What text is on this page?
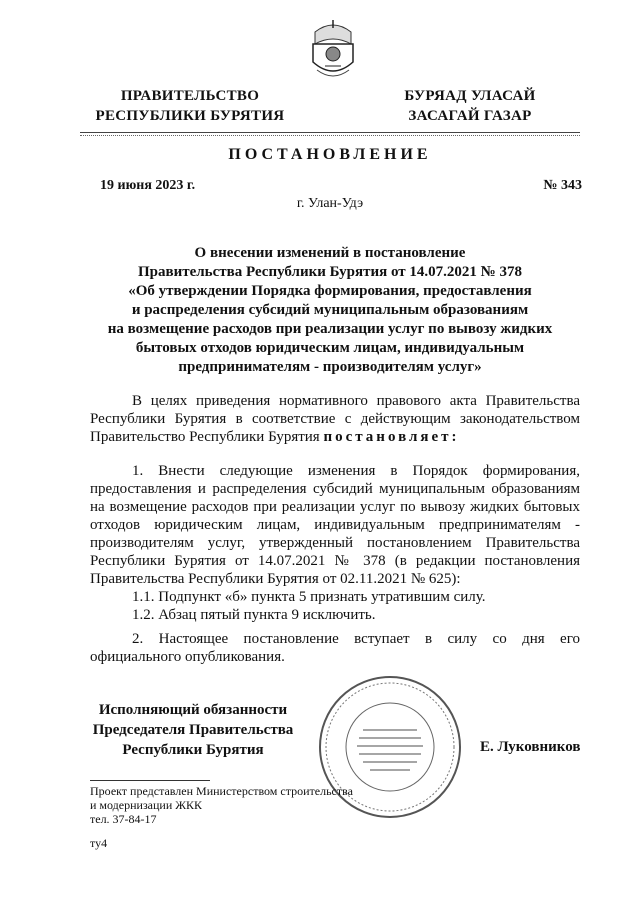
ПРАВИТЕЛЬСТВО
РЕСПУБЛИКИ БУРЯТИЯ
БУРЯАД УЛАСАЙ
ЗАСАГАЙ ГАЗАР
ПОСТАНОВЛЕНИЕ
19 июня 2023 г.	№ 343
г. Улан-Удэ
О внесении изменений в постановление
Правительства Республики Бурятия от 14.07.2021 № 378
«Об утверждении Порядка формирования, предоставления
и распределения субсидий муниципальным образованиям
на возмещение расходов при реализации услуг по вывозу жидких
бытовых отходов юридическим лицам, индивидуальным
предпринимателям - производителям услуг»
В целях приведения нормативного правового акта Правительства Республики Бурятия в соответствие с действующим законодательством Правительство Республики Бурятия постановляет:
1. Внести следующие изменения в Порядок формирования, предоставления и распределения субсидий муниципальным образованиям на возмещение расходов при реализации услуг по вывозу жидких бытовых отходов юридическим лицам, индивидуальным предпринимателям - производителям услуг, утвержденный постановлением Правительства Республики Бурятия от 14.07.2021 № 378 (в редакции постановления Правительства Республики Бурятия от 02.11.2021 № 625):
1.1. Подпункт «б» пункта 5 признать утратившим силу.
1.2. Абзац пятый пункта 9 исключить.
2. Настоящее постановление вступает в силу со дня его официального опубликования.
Исполняющий обязанности
Председателя Правительства
Республики Бурятия	Е. Луковников
Проект представлен Министерством строительства
и модернизации ЖКК
тел. 37-84-17
ту4
